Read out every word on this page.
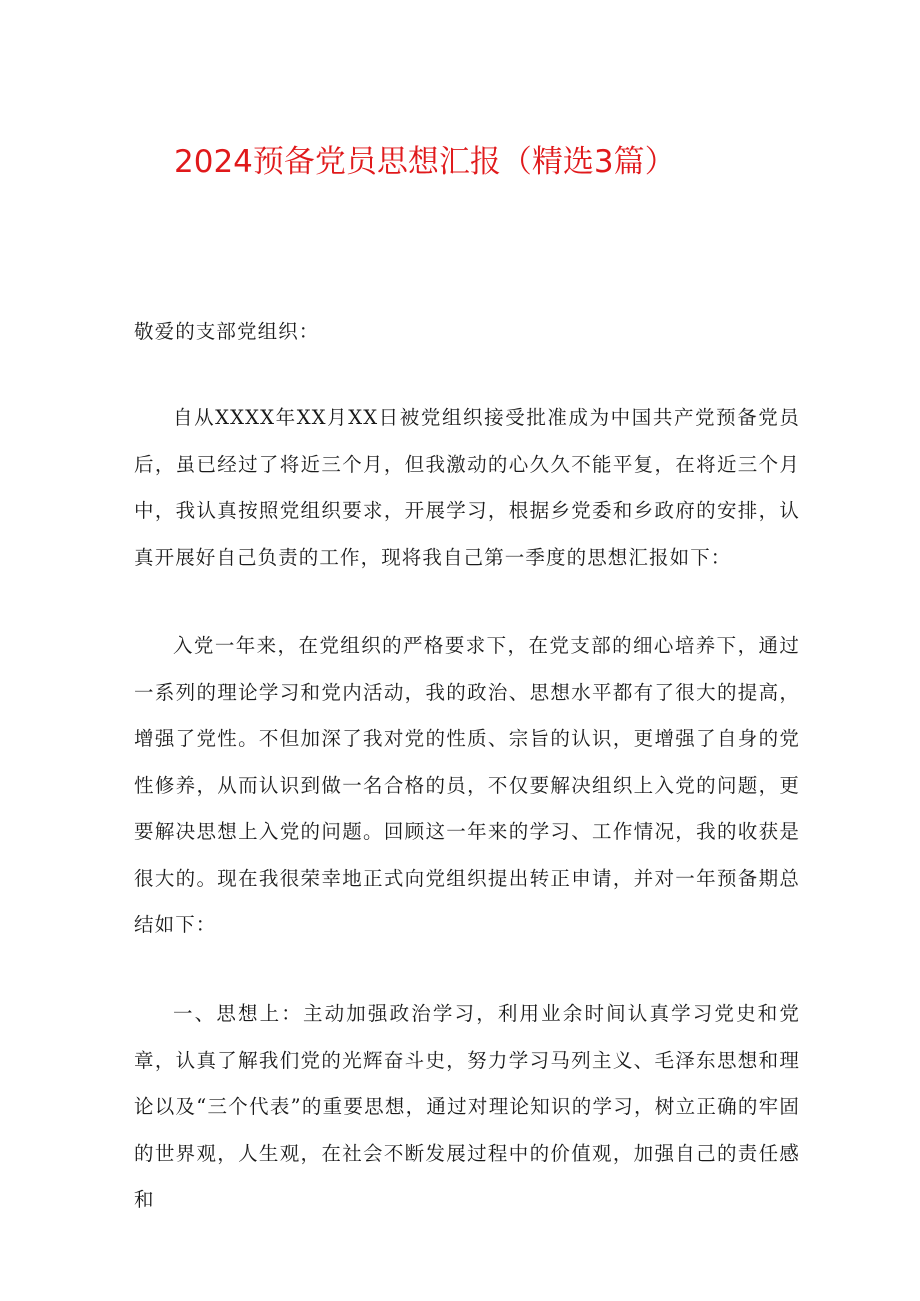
2024预备党员思想汇报（精选3篇）
敬爱的支部党组织：

自从XXXX年XX月XX日被党组织接受批准成为中国共产党预备党员后，虽已经过了将近三个月，但我激动的心久久不能平复，在将近三个月中，我认真按照党组织要求，开展学习，根据乡党委和乡政府的安排，认真开展好自己负责的工作，现将我自己第一季度的思想汇报如下：

入党一年来，在党组织的严格要求下，在党支部的细心培养下，通过一系列的理论学习和党内活动，我的政治、思想水平都有了很大的提高，增强了党性。不但加深了我对党的性质、宗旨的认识，更增强了自身的党性修养，从而认识到做一名合格的员，不仅要解决组织上入党的问题，更要解决思想上入党的问题。回顾这一年来的学习、工作情况，我的收获是很大的。现在我很荣幸地正式向党组织提出转正申请，并对一年预备期总结如下：

一、思想上：主动加强政治学习，利用业余时间认真学习党史和党章，认真了解我们党的光辉奋斗史，努力学习马列主义、毛泽东思想和理论以及“三个代表”的重要思想，通过对理论知识的学习，树立正确的牢固的世界观，人生观，在社会不断发展过程中的价值观，加强自己的责任感和
